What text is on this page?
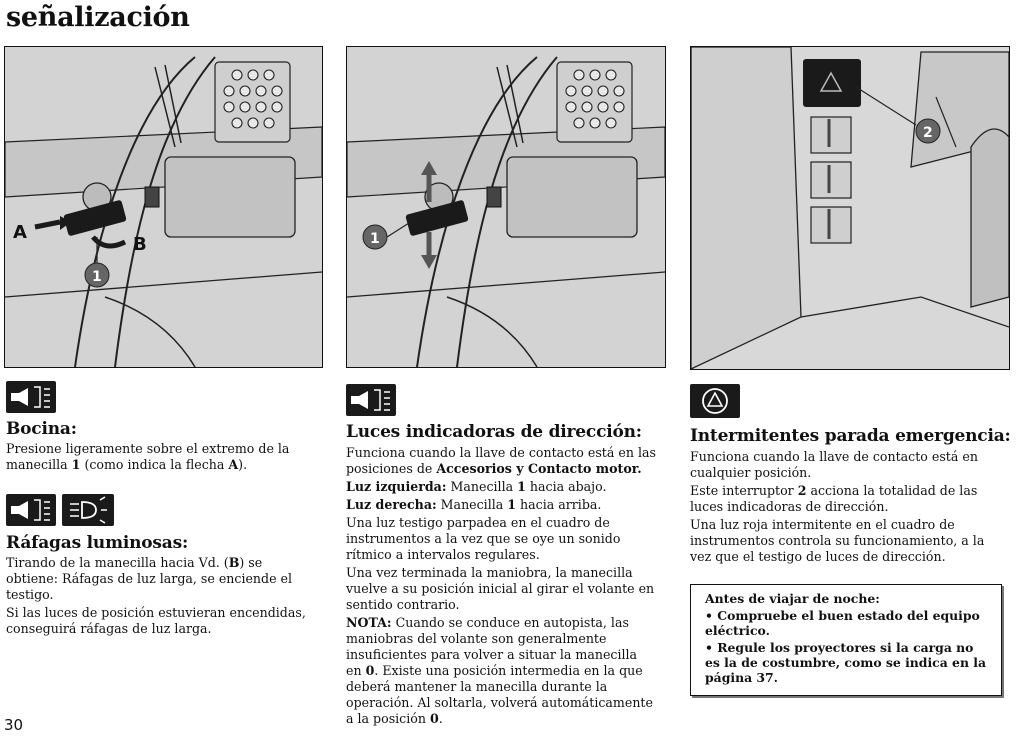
señalización
A
B
1
1
2
Bocina:

Presione ligeramente sobre el extremo de la manecilla 1 (como indica la flecha A).

Ráfagas luminosas:

Tirando de la manecilla hacia Vd. (B) se obtiene: Ráfagas de luz larga, se enciende el testigo.

Si las luces de posición estuvieran encendidas, conseguirá ráfagas de luz larga.

30
Luces indicadoras de dirección:

Funciona cuando la llave de contacto está en las posiciones de Accesorios y Contacto motor.

Luz izquierda: Manecilla 1 hacia abajo.

Luz derecha: Manecilla 1 hacia arriba.

Una luz testigo parpadea en el cuadro de instrumentos a la vez que se oye un sonido rítmico a intervalos regulares.

Una vez terminada la maniobra, la manecilla vuelve a su posición inicial al girar el volante en sentido contrario.

NOTA: Cuando se conduce en autopista, las maniobras del volante son generalmente insuficientes para volver a situar la manecilla en 0. Existe una posición intermedia en la que deberá mantener la manecilla durante la operación. Al soltarla, volverá automáticamente a la posición 0.

Intermitentes parada emergencia:

Funciona cuando la llave de contacto está en cualquier posición.

Este interruptor 2 acciona la totalidad de las luces indicadoras de dirección.

Una luz roja intermitente en el cuadro de instrumentos controla su funcionamiento, a la vez que el testigo de luces de dirección.

Antes de viajar de noche:

• Compruebe el buen estado del equipo eléctrico.

• Regule los proyectores si la carga no es la de costumbre, como se indica en la página 37.
